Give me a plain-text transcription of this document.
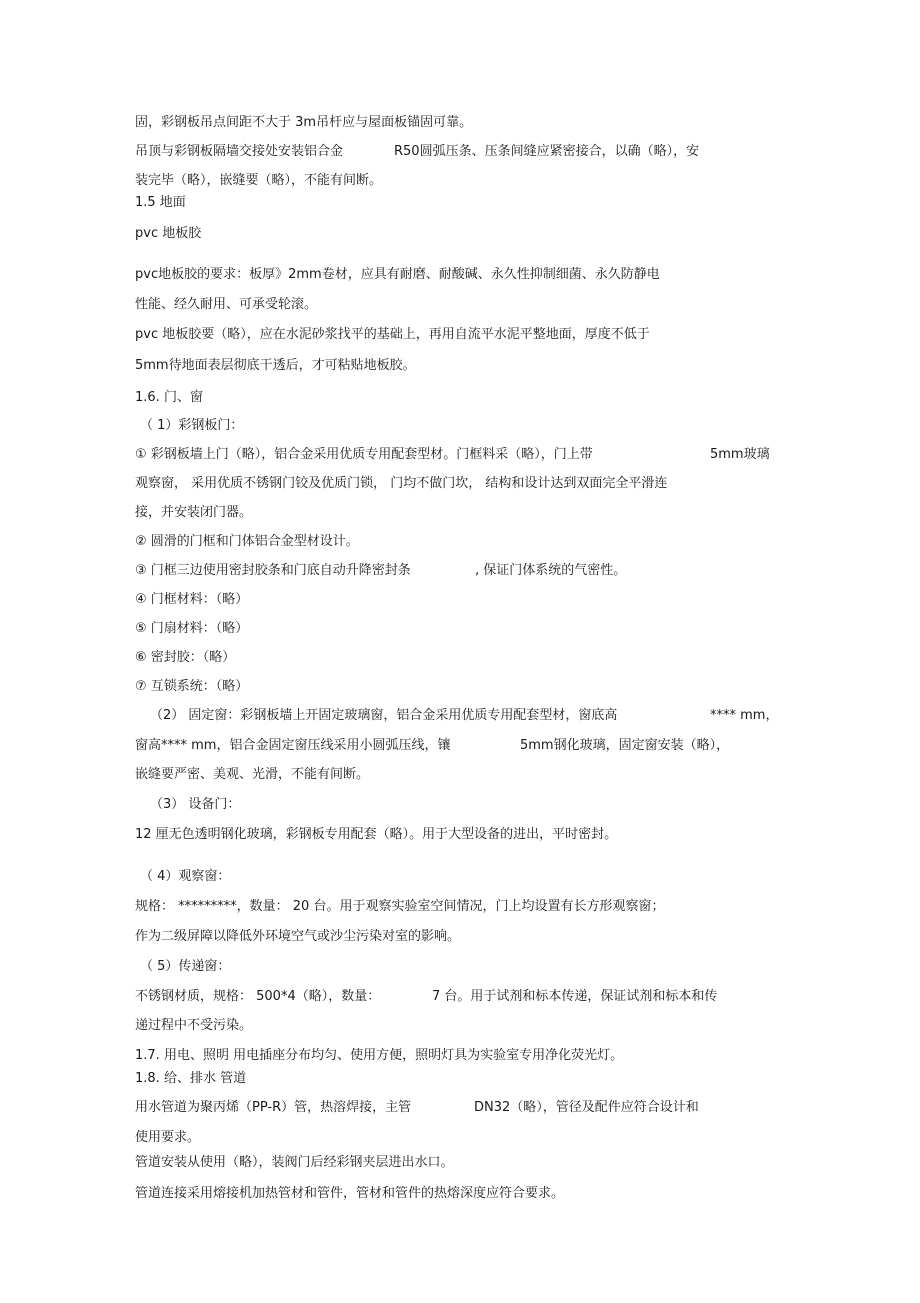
固，彩钢板吊点间距不大于 3m吊杆应与屋面板锚固可靠。
吊顶与彩钢板隔墙交接处安装铝合金	R50圆弧压条、压条间缝应紧密接合，以确（略），安
装完毕（略），嵌缝要（略），不能有间断。
1.5 地面
pvc 地板胶
pvc地板胶的要求：板厚》2mm卷材，应具有耐磨、耐酸碱、永久性抑制细菌、永久防静电
性能、经久耐用、可承受轮滚。
pvc 地板胶要（略），应在水泥砂浆找平的基础上，再用自流平水泥平整地面，厚度不低于
5mm待地面表层彻底干透后，才可粘贴地板胶。
1.6. 门、窗
（ 1）彩钢板门：
① 彩钢板墙上门（略），铝合金采用优质专用配套型材。门框料采（略），门上带	5mm玻璃
观察窗， 采用优质不锈钢门铰及优质门锁， 门均不做门坎， 结构和设计达到双面完全平滑连
接，并安装闭门器。
② 圆滑的门框和门体铝合金型材设计。
③ 门框三边使用密封胶条和门底自动升降密封条	, 保证门体系统的气密性。
④ 门框材料：（略）
⑤ 门扇材料：（略）
⑥ 密封胶：（略）
⑦ 互锁系统：（略）
（2） 固定窗：彩钢板墙上开固定玻璃窗，铝合金采用优质专用配套型材，窗底高	**** mm，
窗高**** mm，铝合金固定窗压线采用小圆弧压线，镶	5mm钢化玻璃，固定窗安装（略），
嵌缝要严密、美观、光滑，不能有间断。
（3） 设备门：
12 厘无色透明钢化玻璃，彩钢板专用配套（略）。用于大型设备的进出，平时密封。
（ 4）观察窗：
规格： *********，数量： 20 台。用于观察实验室空间情况，门上均设置有长方形观察窗；
作为二级屏障以降低外环境空气或沙尘污染对室的影响。
（ 5）传递窗：
不锈钢材质，规格： 500*4（略），数量：	7 台。用于试剂和标本传递，保证试剂和标本和传
递过程中不受污染。
1.7. 用电、照明 用电插座分布均匀、使用方便，照明灯具为实验室专用净化荧光灯。
1.8. 给、排水 管道
用水管道为聚丙烯（PP-R）管，热溶焊接，主管	DN32（略），管径及配件应符合设计和
使用要求。
管道安装从使用（略），装阀门后经彩钢夹层进出水口。
管道连接采用熔接机加热管材和管件，管材和管件的热熔深度应符合要求。
